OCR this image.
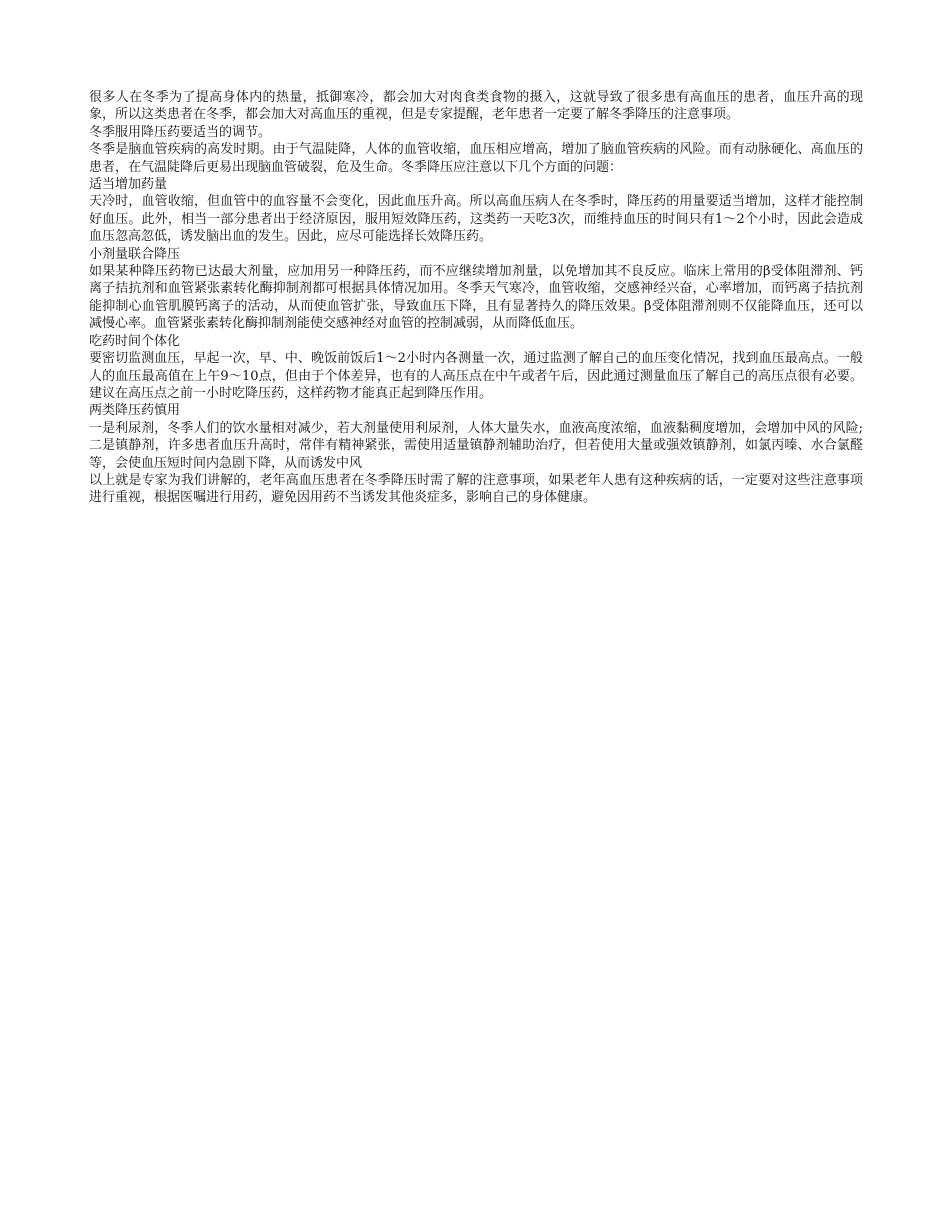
很多人在冬季为了提高身体内的热量，抵御寒冷，都会加大对肉食类食物的摄入，这就导致了很多患有高血压的患者，血压升高的现象，所以这类患者在冬季，都会加大对高血压的重视，但是专家提醒，老年患者一定要了解冬季降压的注意事项。

冬季服用降压药要适当的调节。

冬季是脑血管疾病的高发时期。由于气温陡降，人体的血管收缩，血压相应增高，增加了脑血管疾病的风险。而有动脉硬化、高血压的患者，在气温陡降后更易出现脑血管破裂，危及生命。冬季降压应注意以下几个方面的问题：

适当增加药量

天冷时，血管收缩，但血管中的血容量不会变化，因此血压升高。所以高血压病人在冬季时，降压药的用量要适当增加，这样才能控制好血压。此外，相当一部分患者出于经济原因，服用短效降压药，这类药一天吃3次，而维持血压的时间只有1～2个小时，因此会造成血压忽高忽低，诱发脑出血的发生。因此，应尽可能选择长效降压药。

小剂量联合降压

如果某种降压药物已达最大剂量，应加用另一种降压药，而不应继续增加剂量，以免增加其不良反应。临床上常用的β受体阻滞剂、钙离子拮抗剂和血管紧张素转化酶抑制剂都可根据具体情况加用。冬季天气寒冷，血管收缩，交感神经兴奋，心率增加，而钙离子拮抗剂能抑制心血管肌膜钙离子的活动，从而使血管扩张，导致血压下降，且有显著持久的降压效果。β受体阻滞剂则不仅能降血压，还可以减慢心率。血管紧张素转化酶抑制剂能使交感神经对血管的控制减弱，从而降低血压。

吃药时间个体化

要密切监测血压，早起一次，早、中、晚饭前饭后1～2小时内各测量一次，通过监测了解自己的血压变化情况，找到血压最高点。一般人的血压最高值在上午9～10点，但由于个体差异，也有的人高压点在中午或者午后，因此通过测量血压了解自己的高压点很有必要。建议在高压点之前一小时吃降压药，这样药物才能真正起到降压作用。

两类降压药慎用

一是利尿剂，冬季人们的饮水量相对减少，若大剂量使用利尿剂，人体大量失水，血液高度浓缩，血液黏稠度增加，会增加中风的风险;二是镇静剂，许多患者血压升高时，常伴有精神紧张，需使用适量镇静剂辅助治疗，但若使用大量或强效镇静剂，如氯丙嗪、水合氯醛等，会使血压短时间内急剧下降，从而诱发中风

以上就是专家为我们讲解的，老年高血压患者在冬季降压时需了解的注意事项，如果老年人患有这种疾病的话，一定要对这些注意事项进行重视，根据医嘱进行用药，避免因用药不当诱发其他炎症多，影响自己的身体健康。
